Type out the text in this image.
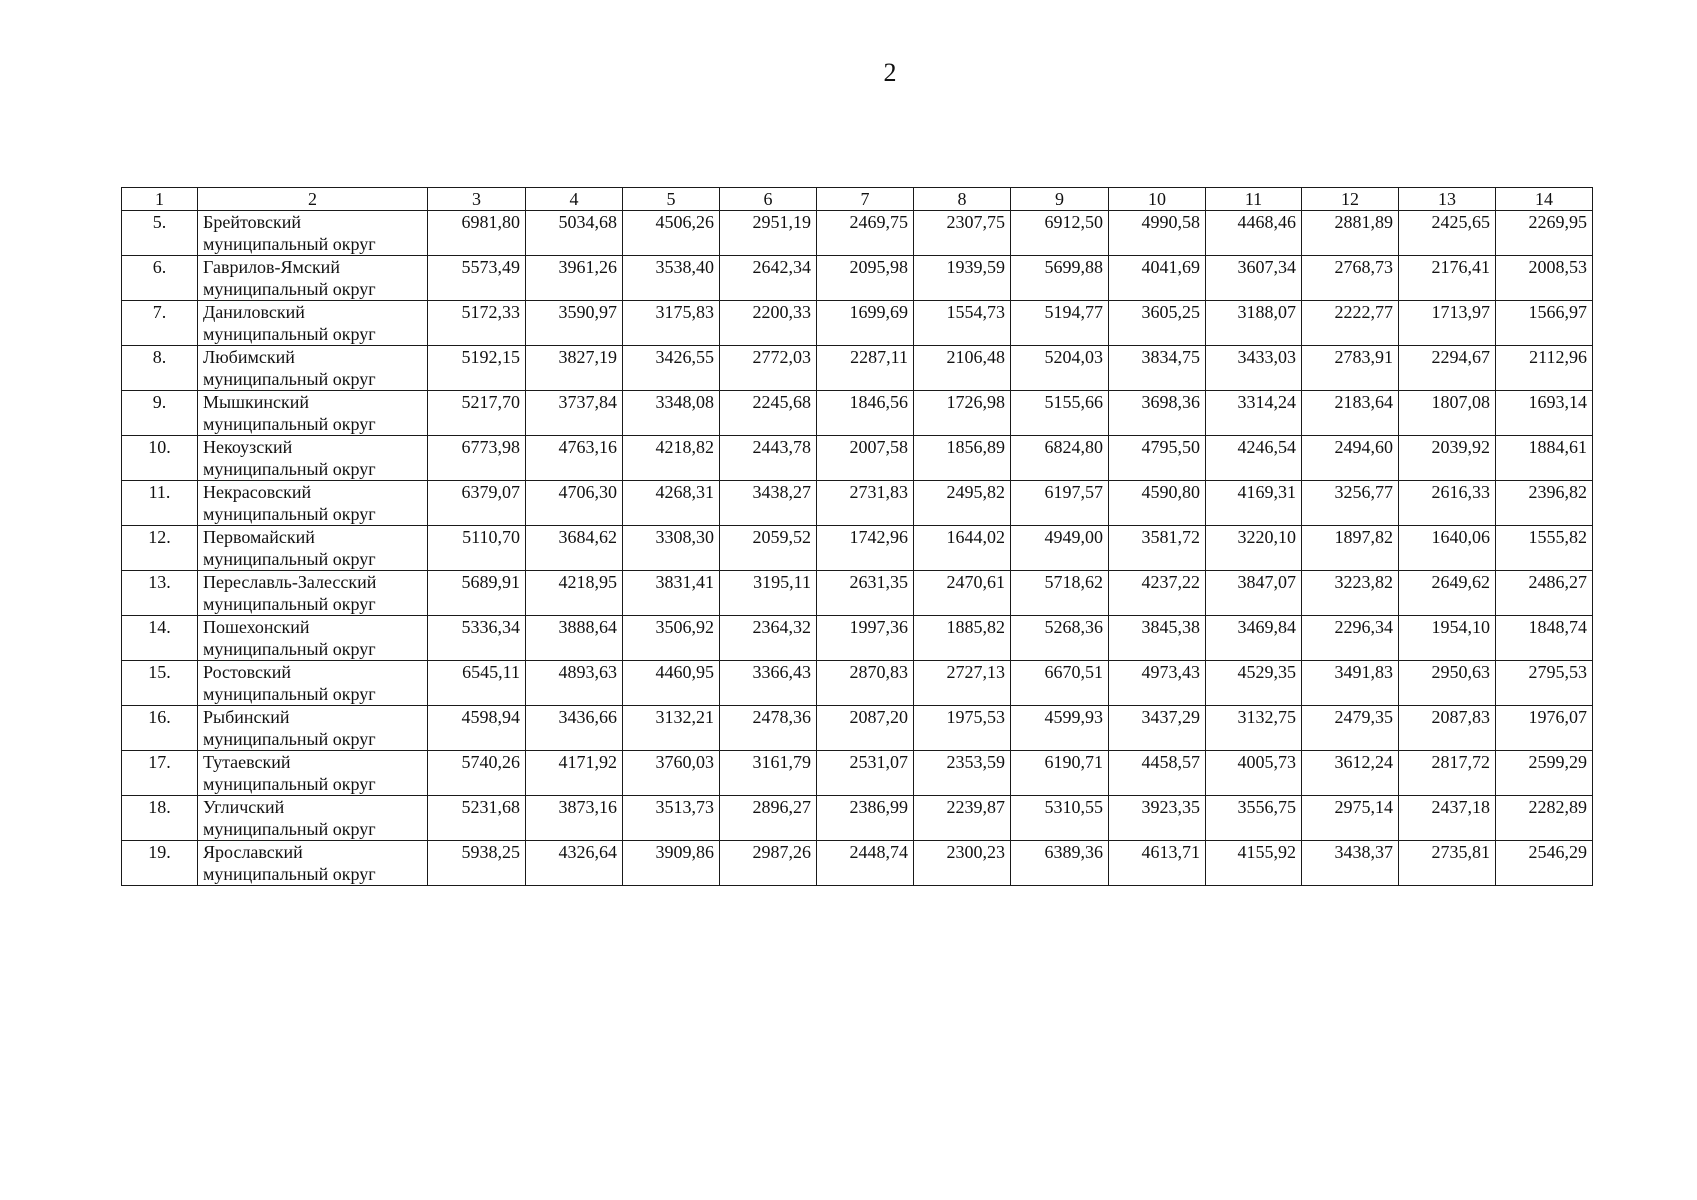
2
1	2	3	4	5	6	7	8	9	10	11	12	13	14
5.	Брейтовский
муниципальный округ	6981,80	5034,68	4506,26	2951,19	2469,75	2307,75	6912,50	4990,58	4468,46	2881,89	2425,65	2269,95
6.	Гаврилов-Ямский
муниципальный округ	5573,49	3961,26	3538,40	2642,34	2095,98	1939,59	5699,88	4041,69	3607,34	2768,73	2176,41	2008,53
7.	Даниловский
муниципальный округ	5172,33	3590,97	3175,83	2200,33	1699,69	1554,73	5194,77	3605,25	3188,07	2222,77	1713,97	1566,97
8.	Любимский
муниципальный округ	5192,15	3827,19	3426,55	2772,03	2287,11	2106,48	5204,03	3834,75	3433,03	2783,91	2294,67	2112,96
9.	Мышкинский
муниципальный округ	5217,70	3737,84	3348,08	2245,68	1846,56	1726,98	5155,66	3698,36	3314,24	2183,64	1807,08	1693,14
10.	Некоузский
муниципальный округ	6773,98	4763,16	4218,82	2443,78	2007,58	1856,89	6824,80	4795,50	4246,54	2494,60	2039,92	1884,61
11.	Некрасовский
муниципальный округ	6379,07	4706,30	4268,31	3438,27	2731,83	2495,82	6197,57	4590,80	4169,31	3256,77	2616,33	2396,82
12.	Первомайский
муниципальный округ	5110,70	3684,62	3308,30	2059,52	1742,96	1644,02	4949,00	3581,72	3220,10	1897,82	1640,06	1555,82
13.	Переславль-Залесский
муниципальный округ	5689,91	4218,95	3831,41	3195,11	2631,35	2470,61	5718,62	4237,22	3847,07	3223,82	2649,62	2486,27
14.	Пошехонский
муниципальный округ	5336,34	3888,64	3506,92	2364,32	1997,36	1885,82	5268,36	3845,38	3469,84	2296,34	1954,10	1848,74
15.	Ростовский
муниципальный округ	6545,11	4893,63	4460,95	3366,43	2870,83	2727,13	6670,51	4973,43	4529,35	3491,83	2950,63	2795,53
16.	Рыбинский
муниципальный округ	4598,94	3436,66	3132,21	2478,36	2087,20	1975,53	4599,93	3437,29	3132,75	2479,35	2087,83	1976,07
17.	Тутаевский
муниципальный округ	5740,26	4171,92	3760,03	3161,79	2531,07	2353,59	6190,71	4458,57	4005,73	3612,24	2817,72	2599,29
18.	Угличский
муниципальный округ	5231,68	3873,16	3513,73	2896,27	2386,99	2239,87	5310,55	3923,35	3556,75	2975,14	2437,18	2282,89
19.	Ярославский
муниципальный округ	5938,25	4326,64	3909,86	2987,26	2448,74	2300,23	6389,36	4613,71	4155,92	3438,37	2735,81	2546,29
